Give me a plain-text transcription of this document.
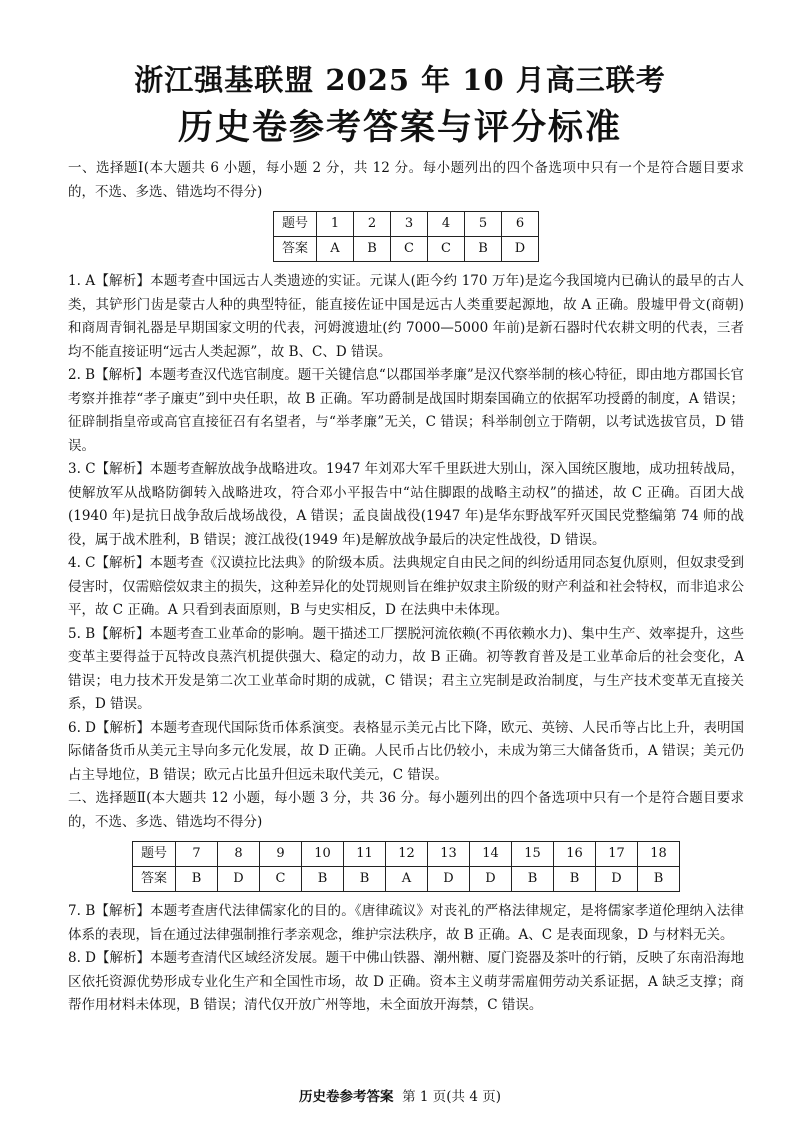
浙江强基联盟 2025 年 10 月高三联考
历史卷参考答案与评分标准

一、选择题Ⅰ(本大题共 6 小题，每小题 2 分，共 12 分。每小题列出的四个备选项中只有一个是符合题目要求的，不选、多选、错选均不得分)

题号	1	2	3	4	5	6
答案	A	B	C	C	B	D

1. A【解析】本题考查中国远古人类遗迹的实证。元谋人(距今约 170 万年)是迄今我国境内已确认的最早的古人类，其铲形门齿是蒙古人种的典型特征，能直接佐证中国是远古人类重要起源地，故 A 正确。殷墟甲骨文(商朝)和商周青铜礼器是早期国家文明的代表，河姆渡遗址(约 7000—5000 年前)是新石器时代农耕文明的代表，三者均不能直接证明“远古人类起源”，故 B、C、D 错误。

2. B【解析】本题考查汉代选官制度。题干关键信息“以郡国举孝廉”是汉代察举制的核心特征，即由地方郡国长官考察并推荐“孝子廉吏”到中央任职，故 B 正确。军功爵制是战国时期秦国确立的依据军功授爵的制度，A 错误；征辟制指皇帝或高官直接征召有名望者，与“举孝廉”无关，C 错误；科举制创立于隋朝，以考试选拔官员，D 错误。

3. C【解析】本题考查解放战争战略进攻。1947 年刘邓大军千里跃进大别山，深入国统区腹地，成功扭转战局，使解放军从战略防御转入战略进攻，符合邓小平报告中“站住脚跟的战略主动权”的描述，故 C 正确。百团大战(1940 年)是抗日战争敌后战场战役，A 错误；孟良崮战役(1947 年)是华东野战军歼灭国民党整编第 74 师的战役，属于战术胜利，B 错误；渡江战役(1949 年)是解放战争最后的决定性战役，D 错误。

4. C【解析】本题考查《汉谟拉比法典》的阶级本质。法典规定自由民之间的纠纷适用同态复仇原则，但奴隶受到侵害时，仅需赔偿奴隶主的损失，这种差异化的处罚规则旨在维护奴隶主阶级的财产利益和社会特权，而非追求公平，故 C 正确。A 只看到表面原则，B 与史实相反，D 在法典中未体现。

5. B【解析】本题考查工业革命的影响。题干描述工厂摆脱河流依赖(不再依赖水力)、集中生产、效率提升，这些变革主要得益于瓦特改良蒸汽机提供强大、稳定的动力，故 B 正确。初等教育普及是工业革命后的社会变化，A 错误；电力技术开发是第二次工业革命时期的成就，C 错误；君主立宪制是政治制度，与生产技术变革无直接关系，D 错误。

6. D【解析】本题考查现代国际货币体系演变。表格显示美元占比下降，欧元、英镑、人民币等占比上升，表明国际储备货币从美元主导向多元化发展，故 D 正确。人民币占比仍较小，未成为第三大储备货币，A 错误；美元仍占主导地位，B 错误；欧元占比虽升但远未取代美元，C 错误。

二、选择题Ⅱ(本大题共 12 小题，每小题 3 分，共 36 分。每小题列出的四个备选项中只有一个是符合题目要求的，不选、多选、错选均不得分)

题号	7	8	9	10	11	12	13	14	15	16	17	18
答案	B	D	C	B	B	A	D	D	B	B	D	B

7. B【解析】本题考查唐代法律儒家化的目的。《唐律疏议》对丧礼的严格法律规定，是将儒家孝道伦理纳入法律体系的表现，旨在通过法律强制推行孝亲观念，维护宗法秩序，故 B 正确。A、C 是表面现象，D 与材料无关。

8. D【解析】本题考查清代区域经济发展。题干中佛山铁器、潮州糖、厦门瓷器及茶叶的行销，反映了东南沿海地区依托资源优势形成专业化生产和全国性市场，故 D 正确。资本主义萌芽需雇佣劳动关系证据，A 缺乏支撑；商帮作用材料未体现，B 错误；清代仅开放广州等地，未全面放开海禁，C 错误。

历史卷参考答案 第 1 页(共 4 页)
